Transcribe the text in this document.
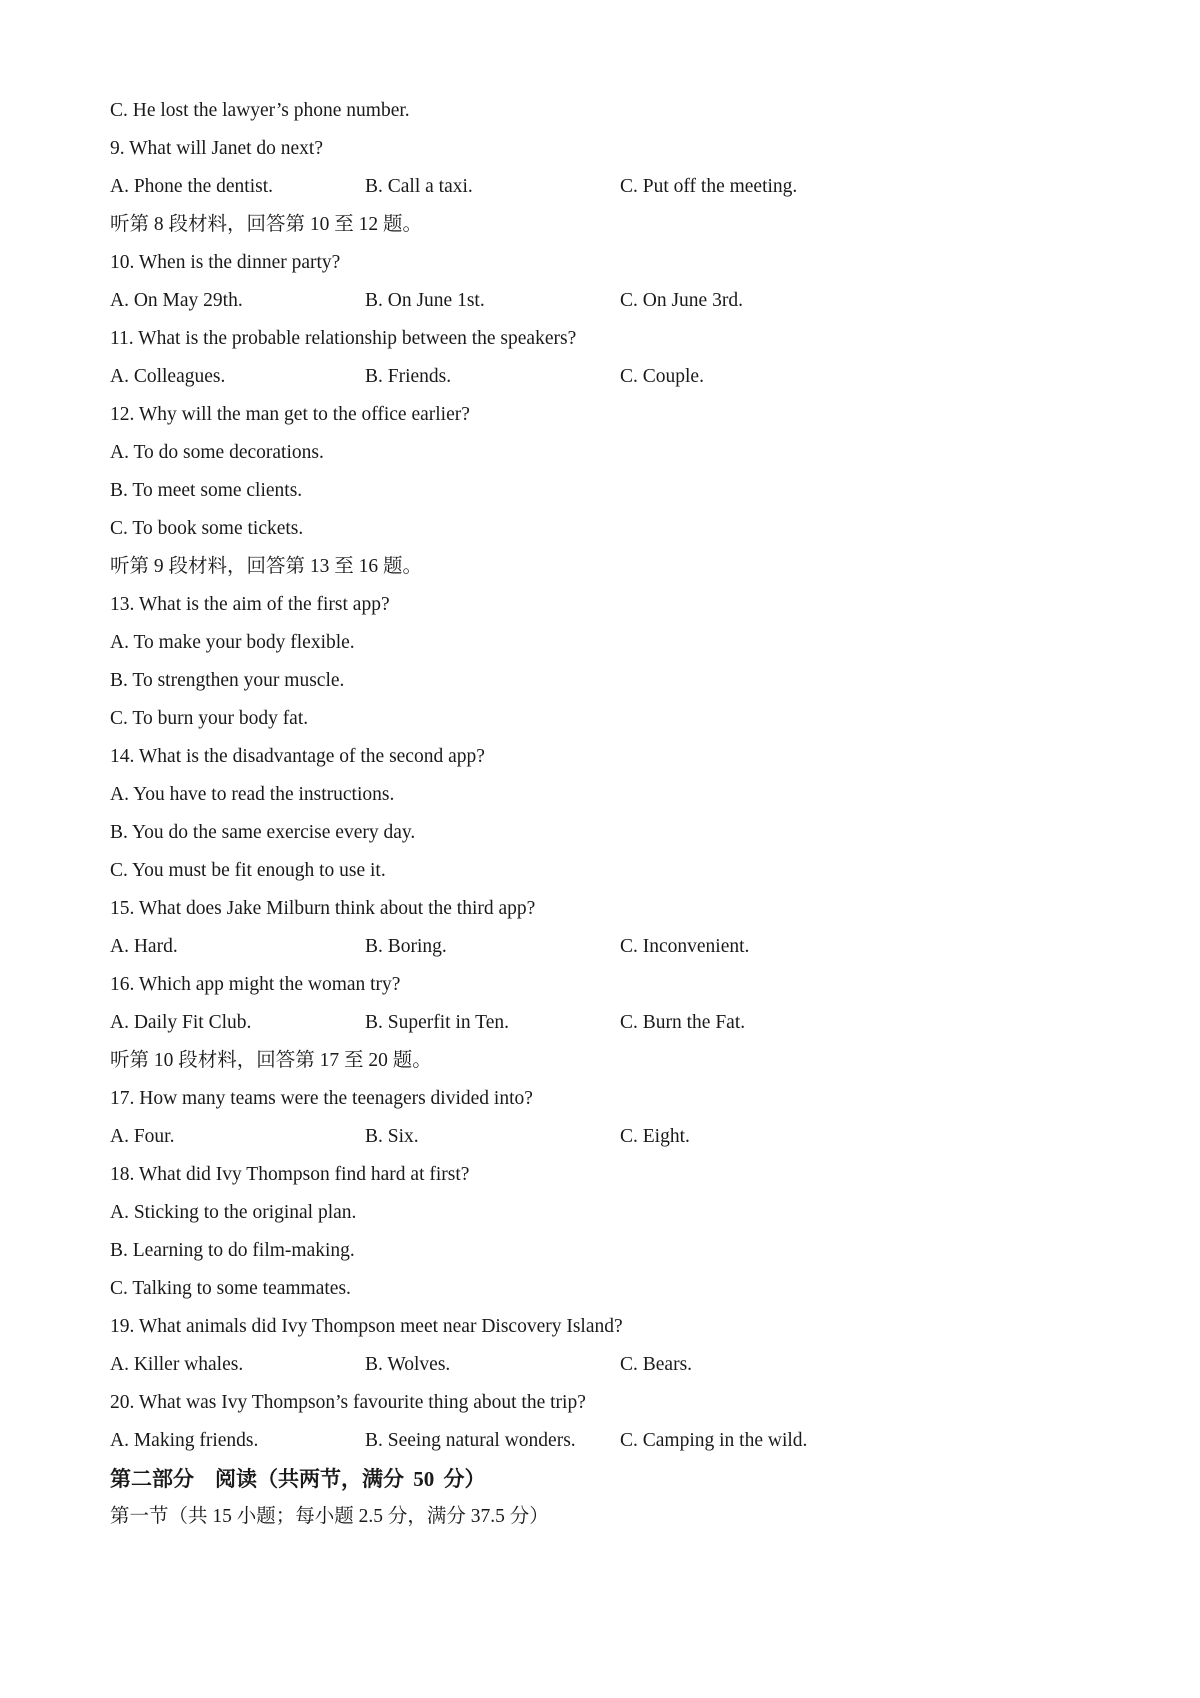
C. He lost the lawyer’s phone number.
9. What will Janet do next?
A. Phone the dentist.	B. Call a taxi.	C. Put off the meeting.
听第 8 段材料，回答第 10 至 12 题。
10. When is the dinner party?
A. On May 29th.	B. On June 1st.	C. On June 3rd.
11. What is the probable relationship between the speakers?
A. Colleagues.	B. Friends.	C. Couple.
12. Why will the man get to the office earlier?
A. To do some decorations.
B. To meet some clients.
C. To book some tickets.
听第 9 段材料，回答第 13 至 16 题。
13. What is the aim of the first app?
A. To make your body flexible.
B. To strengthen your muscle.
C. To burn your body fat.
14. What is the disadvantage of the second app?
A. You have to read the instructions.
B. You do the same exercise every day.
C. You must be fit enough to use it.
15. What does Jake Milburn think about the third app?
A. Hard.	B. Boring.	C. Inconvenient.
16. Which app might the woman try?
A. Daily Fit Club.	B. Superfit in Ten.	C. Burn the Fat.
听第 10 段材料，回答第 17 至 20 题。
17. How many teams were the teenagers divided into?
A. Four.	B. Six.	C. Eight.
18. What did Ivy Thompson find hard at first?
A. Sticking to the original plan.
B. Learning to do film-making.
C. Talking to some teammates.
19. What animals did Ivy Thompson meet near Discovery Island?
A. Killer whales.	B. Wolves.	C. Bears.
20. What was Ivy Thompson’s favourite thing about the trip?
A. Making friends.	B. Seeing natural wonders.	C. Camping in the wild.
第二部分　阅读（共两节，满分 50 分）
第一节（共 15 小题；每小题 2.5 分，满分 37.5 分）
